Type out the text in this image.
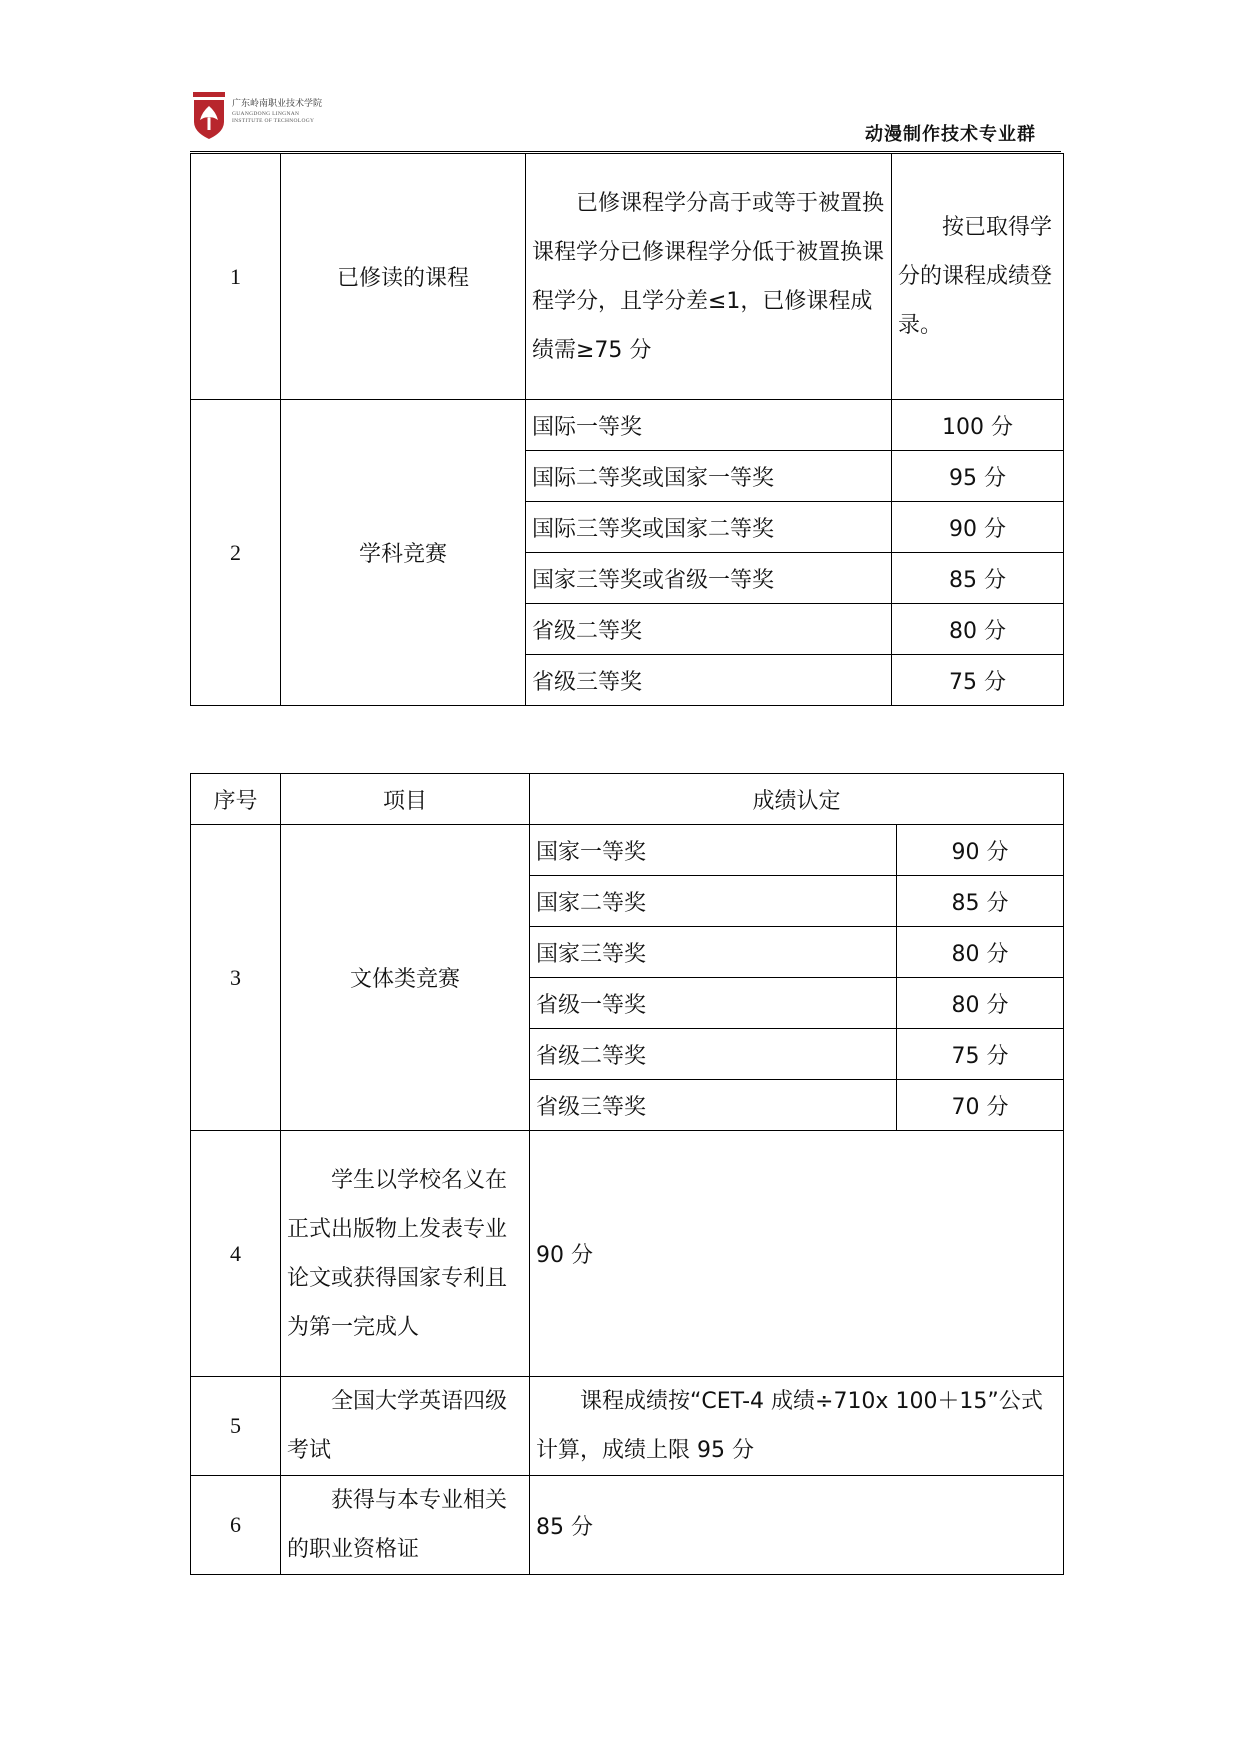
广东岭南职业技术学院
GUANGDONG LINGNAN
INSTITUTE OF TECHNOLOGY
动漫制作技术专业群
1	已修读的课程	已修课程学分高于或等于被置换课程学分已修课程学分低于被置换课程学分，且学分差≤1，已修课程成绩需≥75 分	按已取得学分的课程成绩登录。
2	学科竞赛	国际一等奖	100 分
		国际二等奖或国家一等奖	95 分
		国际三等奖或国家二等奖	90 分
		国家三等奖或省级一等奖	85 分
		省级二等奖	80 分
		省级三等奖	75 分
序号	项目	成绩认定	
3	文体类竞赛	国家一等奖	90 分
		国家二等奖	85 分
		国家三等奖	80 分
		省级一等奖	80 分
		省级二等奖	75 分
		省级三等奖	70 分
4	学生以学校名义在正式出版物上发表专业论文或获得国家专利且为第一完成人	90 分	
5	全国大学英语四级考试	课程成绩按“CET-4 成绩÷710x 100＋15”公式计算，成绩上限 95 分	
6	获得与本专业相关的职业资格证	85 分	
